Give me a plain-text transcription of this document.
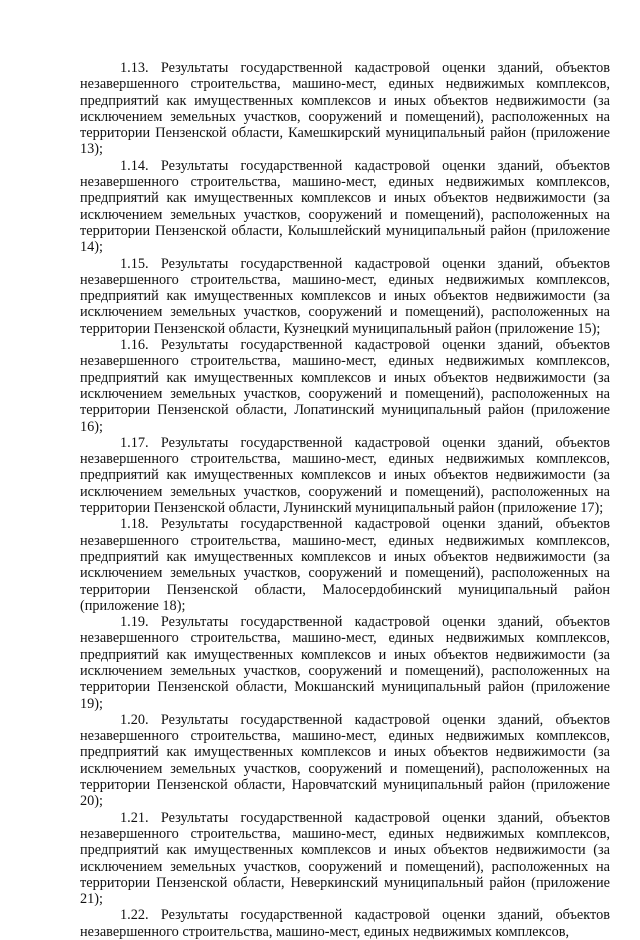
1.13. Результаты государственной кадастровой оценки зданий, объектов незавершенного строительства, машино-мест, единых недвижимых комплексов, предприятий как имущественных комплексов и иных объектов недвижимости (за исключением земельных участков, сооружений и помещений), расположенных на территории Пензенской области, Камешкирский муниципальный район (приложение 13);

1.14. Результаты государственной кадастровой оценки зданий, объектов незавершенного строительства, машино-мест, единых недвижимых комплексов, предприятий как имущественных комплексов и иных объектов недвижимости (за исключением земельных участков, сооружений и помещений), расположенных на территории Пензенской области, Колышлейский муниципальный район (приложение 14);

1.15. Результаты государственной кадастровой оценки зданий, объектов незавершенного строительства, машино-мест, единых недвижимых комплексов, предприятий как имущественных комплексов и иных объектов недвижимости (за исключением земельных участков, сооружений и помещений), расположенных на территории Пензенской области, Кузнецкий муниципальный район (приложение 15);

1.16. Результаты государственной кадастровой оценки зданий, объектов незавершенного строительства, машино-мест, единых недвижимых комплексов, предприятий как имущественных комплексов и иных объектов недвижимости (за исключением земельных участков, сооружений и помещений), расположенных на территории Пензенской области, Лопатинский муниципальный район (приложение 16);

1.17. Результаты государственной кадастровой оценки зданий, объектов незавершенного строительства, машино-мест, единых недвижимых комплексов, предприятий как имущественных комплексов и иных объектов недвижимости (за исключением земельных участков, сооружений и помещений), расположенных на территории Пензенской области, Лунинский муниципальный район (приложение 17);

1.18. Результаты государственной кадастровой оценки зданий, объектов незавершенного строительства, машино-мест, единых недвижимых комплексов, предприятий как имущественных комплексов и иных объектов недвижимости (за исключением земельных участков, сооружений и помещений), расположенных на территории Пензенской области, Малосердобинский муниципальный район (приложение 18);

1.19. Результаты государственной кадастровой оценки зданий, объектов незавершенного строительства, машино-мест, единых недвижимых комплексов, предприятий как имущественных комплексов и иных объектов недвижимости (за исключением земельных участков, сооружений и помещений), расположенных на территории Пензенской области, Мокшанский муниципальный район (приложение 19);

1.20. Результаты государственной кадастровой оценки зданий, объектов незавершенного строительства, машино-мест, единых недвижимых комплексов, предприятий как имущественных комплексов и иных объектов недвижимости (за исключением земельных участков, сооружений и помещений), расположенных на территории Пензенской области, Наровчатский муниципальный район (приложение 20);

1.21. Результаты государственной кадастровой оценки зданий, объектов незавершенного строительства, машино-мест, единых недвижимых комплексов, предприятий как имущественных комплексов и иных объектов недвижимости (за исключением земельных участков, сооружений и помещений), расположенных на территории Пензенской области, Неверкинский муниципальный район (приложение 21);

1.22. Результаты государственной кадастровой оценки зданий, объектов незавершенного строительства, машино-мест, единых недвижимых комплексов,
